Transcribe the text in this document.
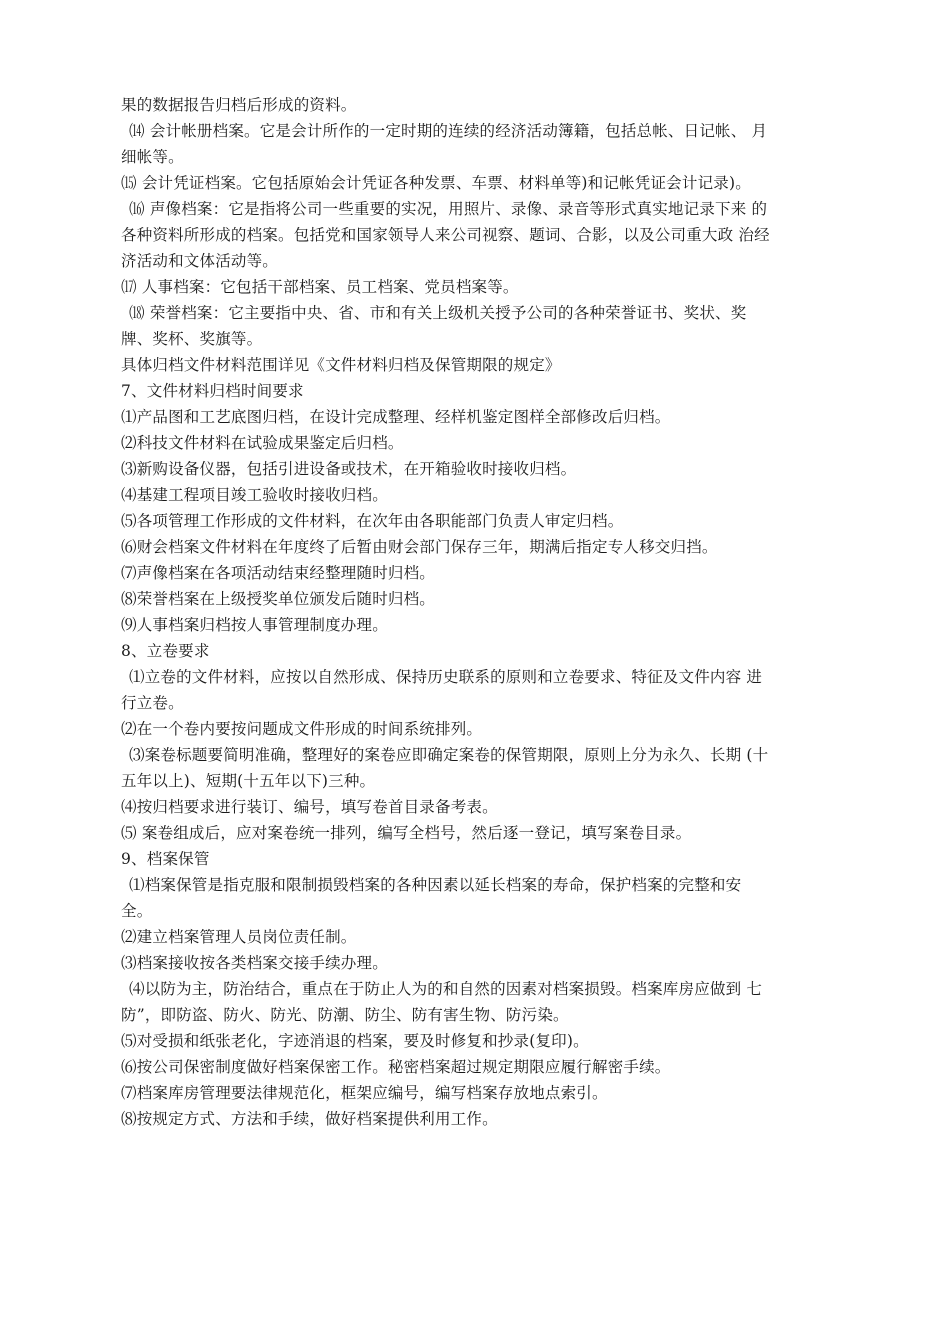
果的数据报告归档后形成的资料。
⒁ 会计帐册档案。它是会计所作的一定时期的连续的经济活动簿籍，包括总帐、日记帐、 月
细帐等。
⒂ 会计凭证档案。它包括原始会计凭证各种发票、车票、材料单等)和记帐凭证会计记录)。
⒃ 声像档案：它是指将公司一些重要的实况，用照片、录像、录音等形式真实地记录下来 的
各种资料所形成的档案。包括党和国家领导人来公司视察、题词、合影，以及公司重大政 治经
济活动和文体活动等。
⒄ 人事档案：它包括干部档案、员工档案、党员档案等。
⒅ 荣誉档案：它主要指中央、省、市和有关上级机关授予公司的各种荣誉证书、奖状、奖
牌、奖杯、奖旗等。
具体归档文件材料范围详见《文件材料归档及保管期限的规定》
7、文件材料归档时间要求
⑴产品图和工艺底图归档，在设计完成整理、经样机鉴定图样全部修改后归档。
⑵科技文件材料在试验成果鉴定后归档。
⑶新购设备仪器，包括引进设备或技术，在开箱验收时接收归档。
⑷基建工程项目竣工验收时接收归档。
⑸各项管理工作形成的文件材料，在次年由各职能部门负责人审定归档。
⑹财会档案文件材料在年度终了后暂由财会部门保存三年，期满后指定专人移交归挡。
⑺声像档案在各项活动结束经整理随时归档。
⑻荣誉档案在上级授奖单位颁发后随时归档。
⑼人事档案归档按人事管理制度办理。
8、立卷要求
⑴立卷的文件材料，应按以自然形成、保持历史联系的原则和立卷要求、特征及文件内容 进
行立卷。
⑵在一个卷内要按问题成文件形成的时间系统排列。
⑶案卷标题要简明准确，整理好的案卷应即确定案卷的保管期限，原则上分为永久、长期 (十
五年以上)、短期(十五年以下)三种。
⑷按归档要求进行装订、编号，填写卷首目录备考表。
⑸ 案卷组成后，应对案卷统一排列，编写全档号，然后逐一登记，填写案卷目录。
9、档案保管
⑴档案保管是指克服和限制损毁档案的各种因素以延长档案的寿命，保护档案的完整和安
全。
⑵建立档案管理人员岗位责任制。
⑶档案接收按各类档案交接手续办理。
⑷以防为主，防治结合，重点在于防止人为的和自然的因素对档案损毁。档案库房应做到 七
防”，即防盗、防火、防光、防潮、防尘、防有害生物、防污染。
⑸对受损和纸张老化，字迹消退的档案，要及时修复和抄录(复印)。
⑹按公司保密制度做好档案保密工作。秘密档案超过规定期限应履行解密手续。
⑺档案库房管理要法律规范化，框架应编号，编写档案存放地点索引。
⑻按规定方式、方法和手续，做好档案提供利用工作。
